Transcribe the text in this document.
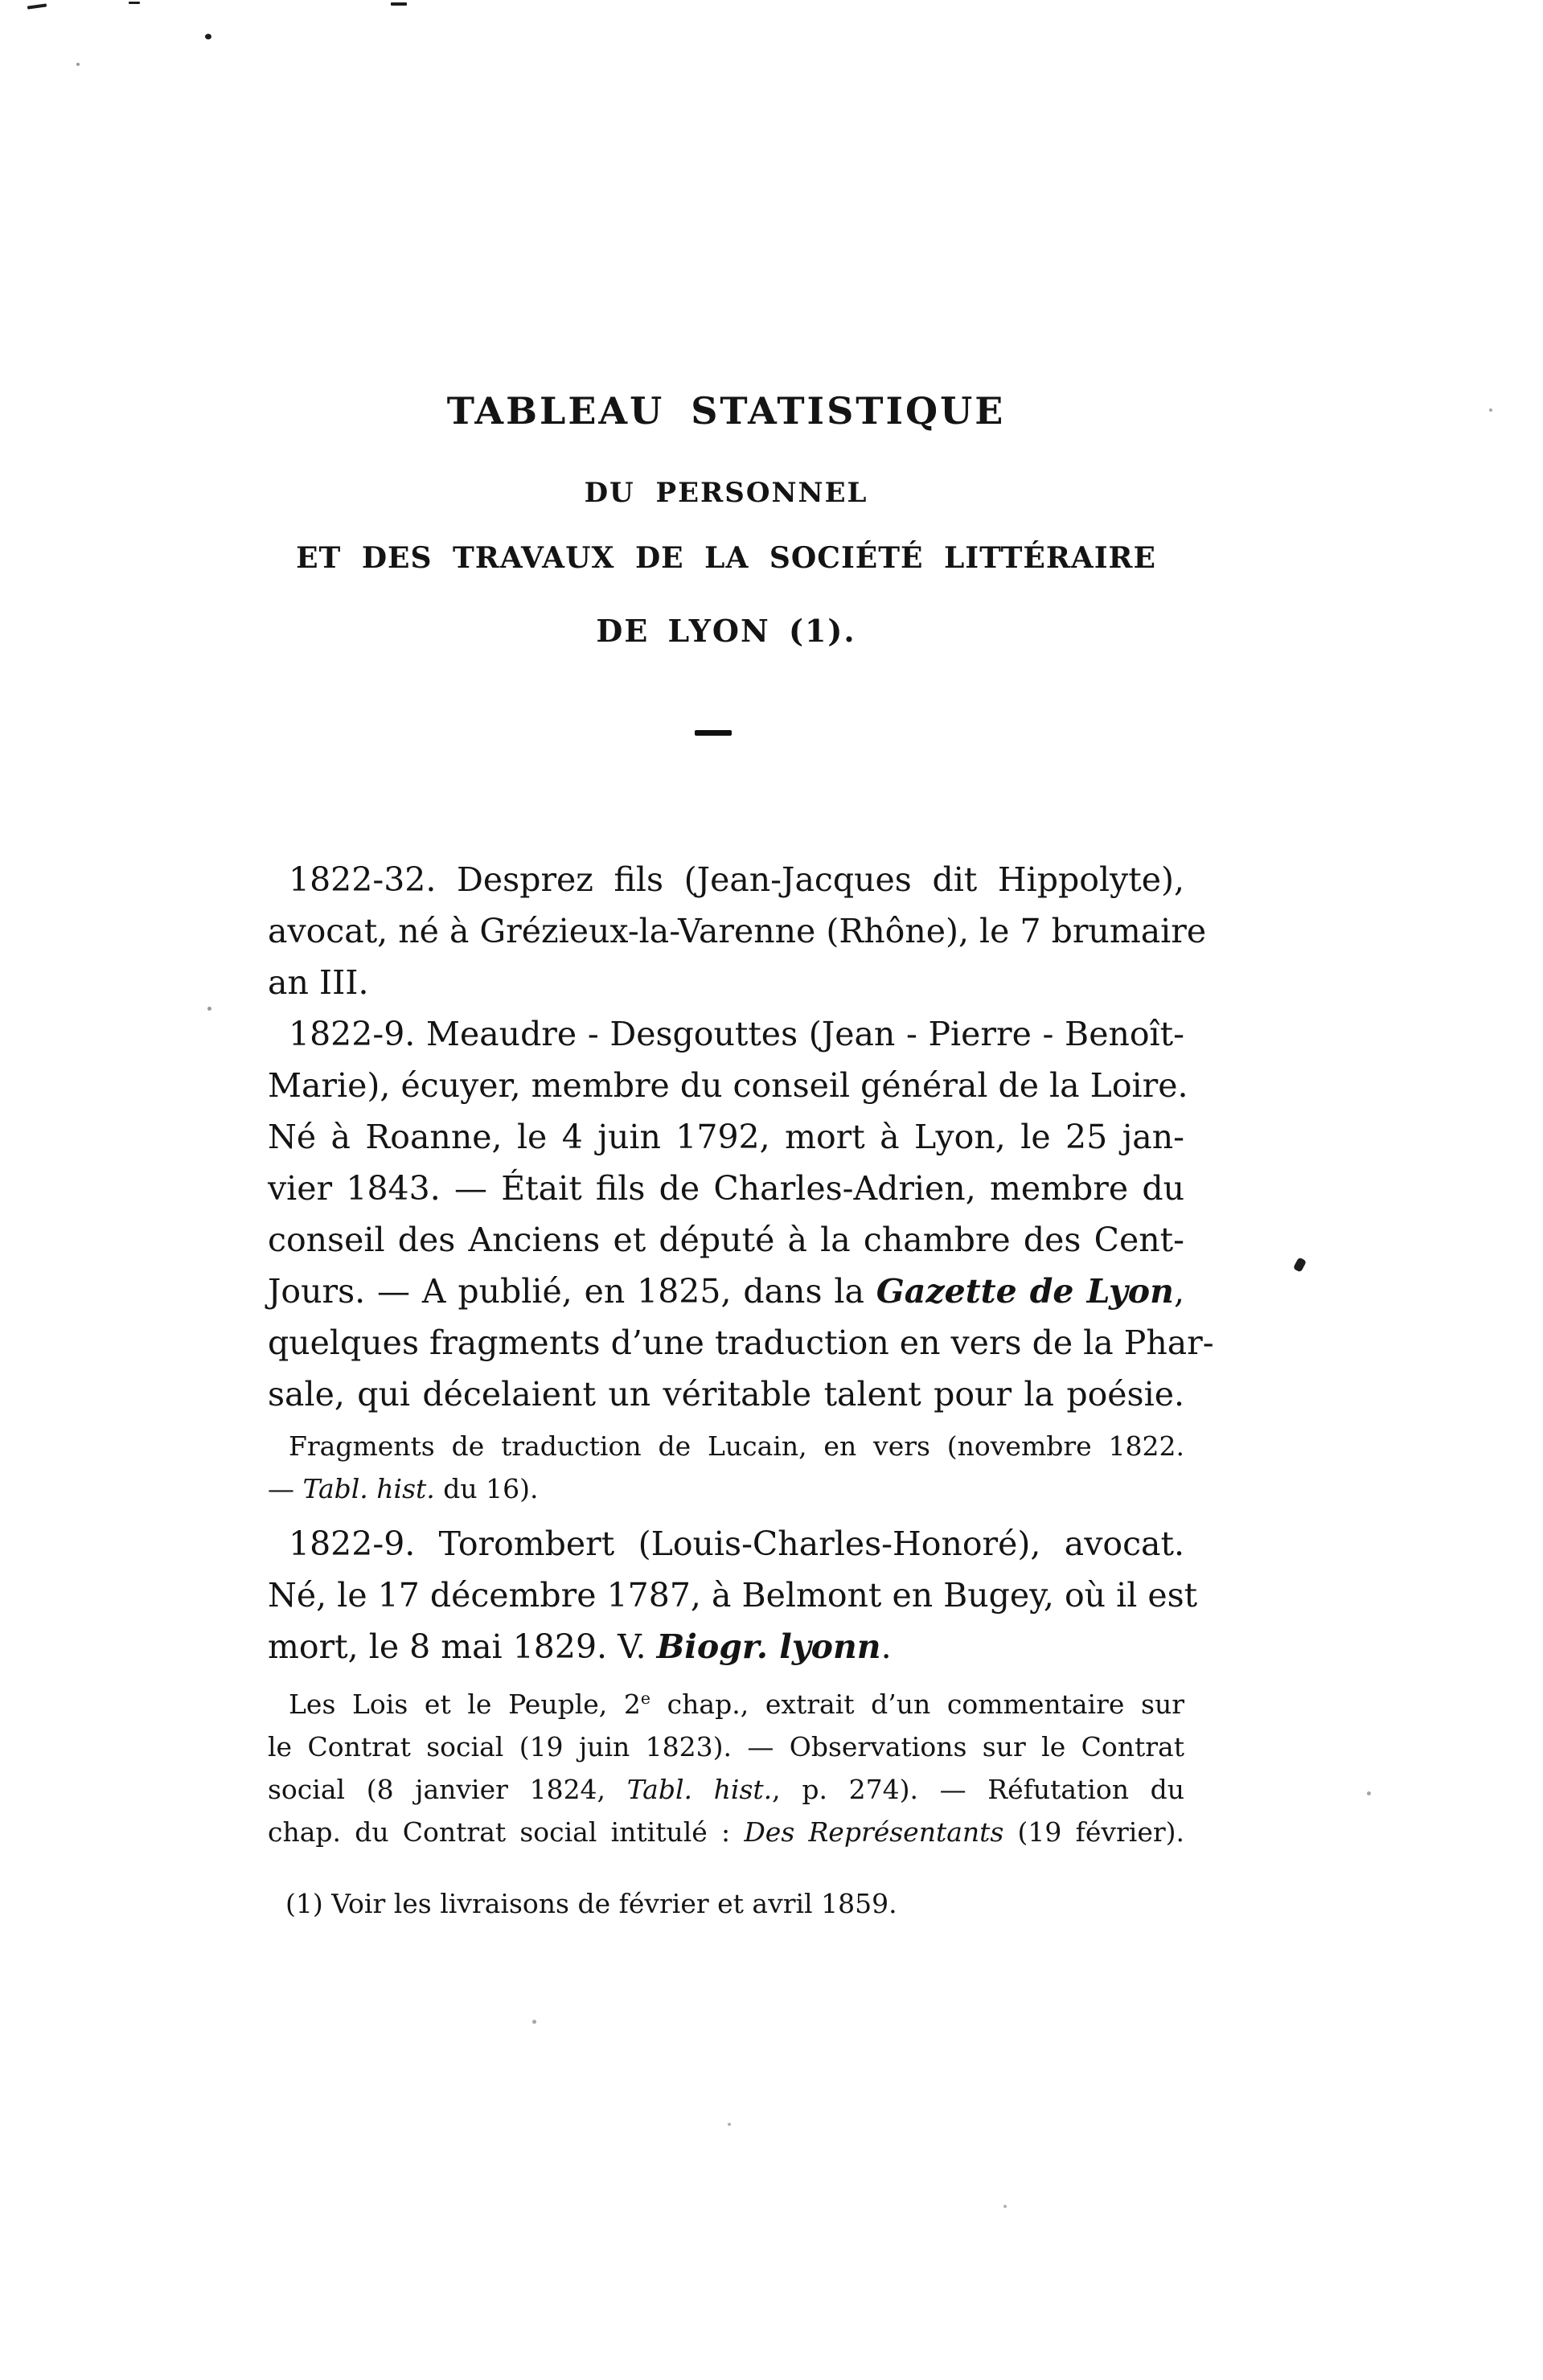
TABLEAU STATISTIQUE
DU PERSONNEL
ET DES TRAVAUX DE LA SOCIÉTÉ LITTÉRAIRE
DE LYON (1).
1822-32. Desprez fils (Jean-Jacques dit Hippolyte),
avocat, né à Grézieux-la-Varenne (Rhône), le 7 brumaire
an III.
1822-9. Meaudre - Desgouttes (Jean - Pierre - Benoît-
Marie), écuyer, membre du conseil général de la Loire.
Né à Roanne, le 4 juin 1792, mort à Lyon, le 25 jan-
vier 1843. — Était fils de Charles-Adrien, membre du
conseil des Anciens et député à la chambre des Cent-
Jours. — A publié, en 1825, dans la Gazette de Lyon,
quelques fragments d’une traduction en vers de la Phar-
sale, qui décelaient un véritable talent pour la poésie.
Fragments de traduction de Lucain, en vers (novembre 1822.
— Tabl. hist. du 16).
1822-9. Torombert (Louis-Charles-Honoré), avocat.
Né, le 17 décembre 1787, à Belmont en Bugey, où il est
mort, le 8 mai 1829. V. Biogr. lyonn.
Les Lois et le Peuple, 2e chap., extrait d’un commentaire sur
le Contrat social (19 juin 1823). — Observations sur le Contrat
social (8 janvier 1824, Tabl. hist., p. 274). — Réfutation du
chap. du Contrat social intitulé : Des Représentants (19 février).
(1) Voir les livraisons de février et avril 1859.
